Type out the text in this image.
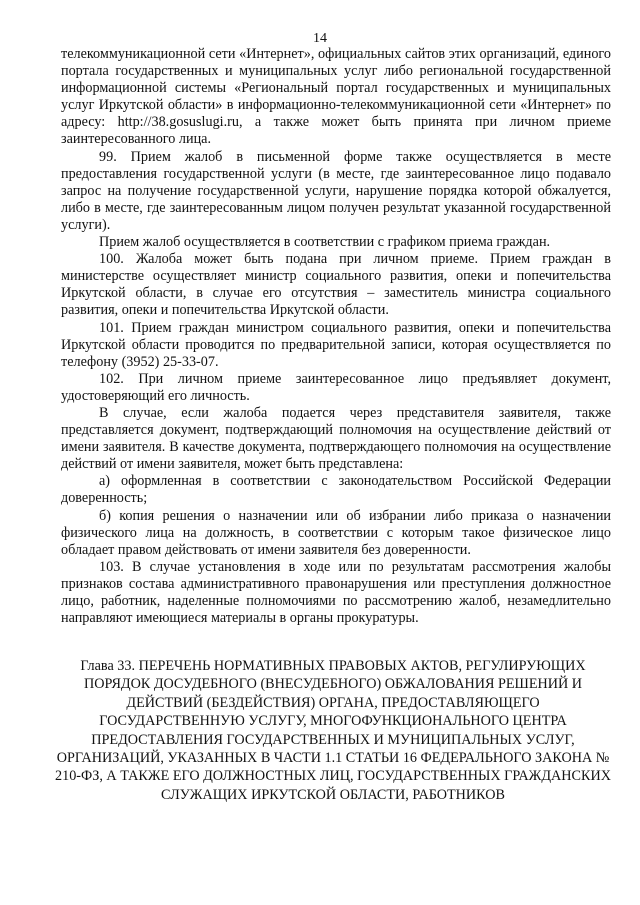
14

телекоммуникационной сети «Интернет», официальных сайтов этих организаций, единого портала государственных и муниципальных услуг либо региональной государственной информационной системы «Региональный портал государственных и муниципальных услуг Иркутской области» в информационно-телекоммуникационной сети «Интернет» по адресу: http://38.gosuslugi.ru, а также может быть принята при личном приеме заинтересованного лица.

99. Прием жалоб в письменной форме также осуществляется в месте предоставления государственной услуги (в месте, где заинтересованное лицо подавало запрос на получение государственной услуги, нарушение порядка которой обжалуется, либо в месте, где заинтересованным лицом получен результат указанной государственной услуги).

Прием жалоб осуществляется в соответствии с графиком приема граждан.

100. Жалоба может быть подана при личном приеме. Прием граждан в министерстве осуществляет министр социального развития, опеки и попечительства Иркутской области, в случае его отсутствия – заместитель министра социального развития, опеки и попечительства Иркутской области.

101. Прием граждан министром социального развития, опеки и попечительства Иркутской области проводится по предварительной записи, которая осуществляется по телефону (3952) 25-33-07.

102. При личном приеме заинтересованное лицо предъявляет документ, удостоверяющий его личность.

В случае, если жалоба подается через представителя заявителя, также представляется документ, подтверждающий полномочия на осуществление действий от имени заявителя. В качестве документа, подтверждающего полномочия на осуществление действий от имени заявителя, может быть представлена:

а) оформленная в соответствии с законодательством Российской Федерации доверенность;

б) копия решения о назначении или об избрании либо приказа о назначении физического лица на должность, в соответствии с которым такое физическое лицо обладает правом действовать от имени заявителя без доверенности.

103. В случае установления в ходе или по результатам рассмотрения жалобы признаков состава административного правонарушения или преступления должностное лицо, работник, наделенные полномочиями по рассмотрению жалоб, незамедлительно направляют имеющиеся материалы в органы прокуратуры.

Глава 33. ПЕРЕЧЕНЬ НОРМАТИВНЫХ ПРАВОВЫХ АКТОВ, РЕГУЛИРУЮЩИХ ПОРЯДОК ДОСУДЕБНОГО (ВНЕСУДЕБНОГО) ОБЖАЛОВАНИЯ РЕШЕНИЙ И ДЕЙСТВИЙ (БЕЗДЕЙСТВИЯ) ОРГАНА, ПРЕДОСТАВЛЯЮЩЕГО ГОСУДАРСТВЕННУЮ УСЛУГУ, МНОГОФУНКЦИОНАЛЬНОГО ЦЕНТРА ПРЕДОСТАВЛЕНИЯ ГОСУДАРСТВЕННЫХ И МУНИЦИПАЛЬНЫХ УСЛУГ, ОРГАНИЗАЦИЙ, УКАЗАННЫХ В ЧАСТИ 1.1 СТАТЬИ 16 ФЕДЕРАЛЬНОГО ЗАКОНА № 210-ФЗ, А ТАКЖЕ ЕГО ДОЛЖНОСТНЫХ ЛИЦ, ГОСУДАРСТВЕННЫХ ГРАЖДАНСКИХ СЛУЖАЩИХ ИРКУТСКОЙ ОБЛАСТИ, РАБОТНИКОВ
